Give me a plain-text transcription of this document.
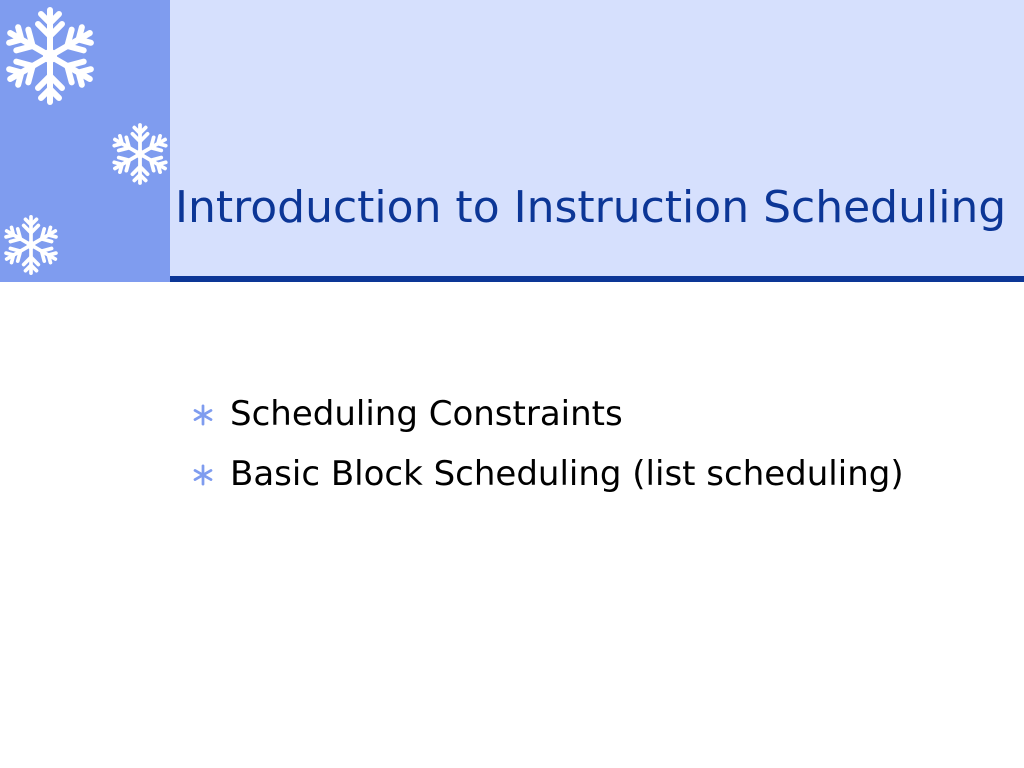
Introduction to Instruction Scheduling
Scheduling Constraints
Basic Block Scheduling (list scheduling)
